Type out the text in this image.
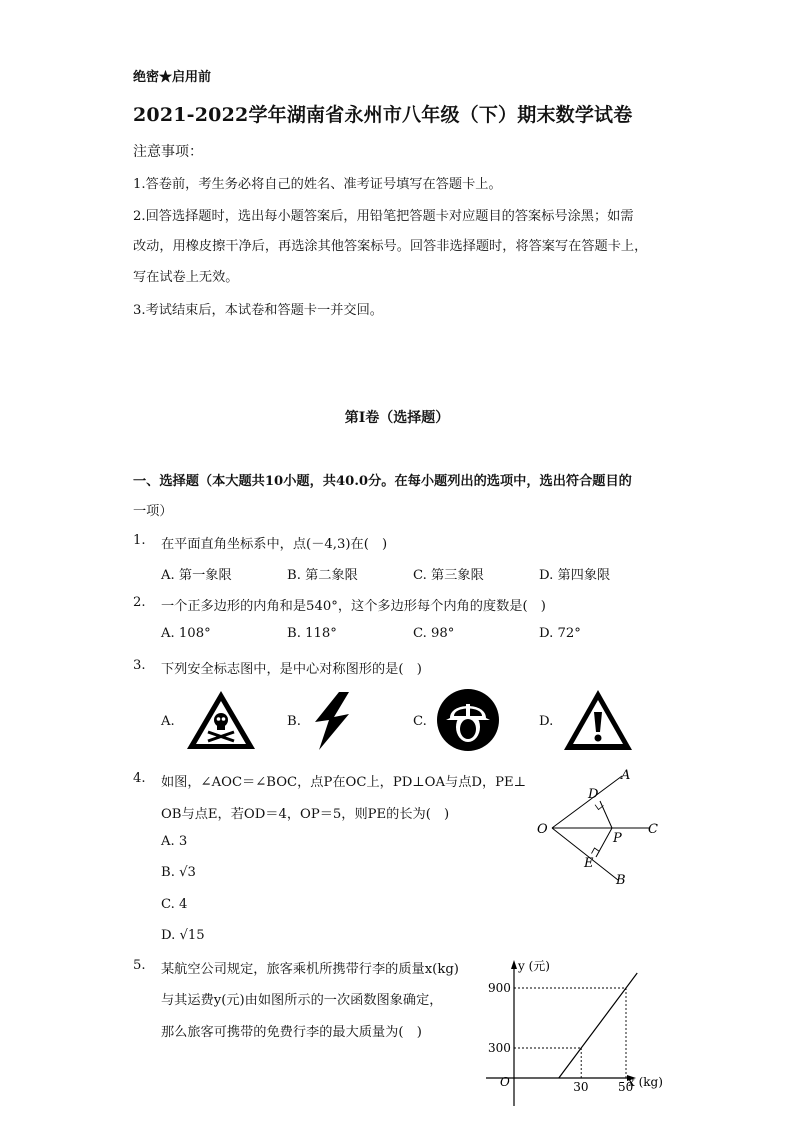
绝密★启用前
2021-2022学年湖南省永州市八年级（下）期末数学试卷
注意事项：
1.答卷前，考生务必将自己的姓名、准考证号填写在答题卡上。
2.回答选择题时，选出每小题答案后，用铅笔把答题卡对应题目的答案标号涂黑；如需
改动，用橡皮擦干净后，再选涂其他答案标号。回答非选择题时，将答案写在答题卡上，
写在试卷上无效。
3.考试结束后，本试卷和答题卡一并交回。
第I卷（选择题）
一、选择题（本大题共10小题，共40.0分。在每小题列出的选项中，选出符合题目的
一项）
1. 在平面直角坐标系中，点(－4,3)在(　)
A. 第一象限	B. 第二象限	C. 第三象限	D. 第四象限
2. 一个正多边形的内角和是540°，这个多边形每个内角的度数是(　)
A. 108°	B. 118°	C. 98°	D. 72°
3. 下列安全标志图中，是中心对称图形的是(　)
A.	B.	C.	D.
4. 如图，∠AOC＝∠BOC，点P在OC上，PD⊥OA与点D，PE⊥
OB与点E，若OD＝4，OP＝5，则PE的长为(　)
A. 3
B. √3
C. 4
D. √15
A
D
O
P
C
E
B
5. 某航空公司规定，旅客乘机所携带行李的质量x(kg)
与其运费y(元)由如图所示的一次函数图象确定，
那么旅客可携带的免费行李的最大质量为(　)
y (元)
x (kg)
O	30
300
50
900
